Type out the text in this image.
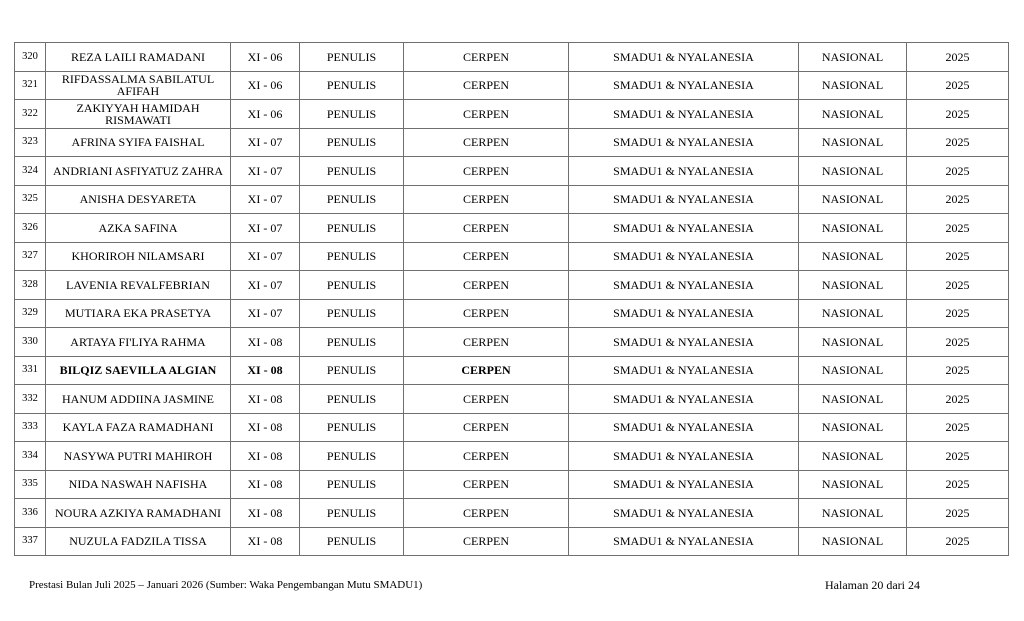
320	REZA LAILI RAMADANI	XI - 06	PENULIS	CERPEN	SMADU1 & NYALANESIA	NASIONAL	2025
321	RIFDASSALMA SABILATUL AFIFAH	XI - 06	PENULIS	CERPEN	SMADU1 & NYALANESIA	NASIONAL	2025
322	ZAKIYYAH HAMIDAH RISMAWATI	XI - 06	PENULIS	CERPEN	SMADU1 & NYALANESIA	NASIONAL	2025
323	AFRINA SYIFA FAISHAL	XI - 07	PENULIS	CERPEN	SMADU1 & NYALANESIA	NASIONAL	2025
324	ANDRIANI ASFIYATUZ ZAHRA	XI - 07	PENULIS	CERPEN	SMADU1 & NYALANESIA	NASIONAL	2025
325	ANISHA DESYARETA	XI - 07	PENULIS	CERPEN	SMADU1 & NYALANESIA	NASIONAL	2025
326	AZKA SAFINA	XI - 07	PENULIS	CERPEN	SMADU1 & NYALANESIA	NASIONAL	2025
327	KHORIROH NILAMSARI	XI - 07	PENULIS	CERPEN	SMADU1 & NYALANESIA	NASIONAL	2025
328	LAVENIA REVALFEBRIAN	XI - 07	PENULIS	CERPEN	SMADU1 & NYALANESIA	NASIONAL	2025
329	MUTIARA EKA PRASETYA	XI - 07	PENULIS	CERPEN	SMADU1 & NYALANESIA	NASIONAL	2025
330	ARTAYA FI'LIYA RAHMA	XI - 08	PENULIS	CERPEN	SMADU1 & NYALANESIA	NASIONAL	2025
331	BILQIZ SAEVILLA ALGIAN	XI - 08	PENULIS	CERPEN	SMADU1 & NYALANESIA	NASIONAL	2025
332	HANUM ADDIINA JASMINE	XI - 08	PENULIS	CERPEN	SMADU1 & NYALANESIA	NASIONAL	2025
333	KAYLA FAZA RAMADHANI	XI - 08	PENULIS	CERPEN	SMADU1 & NYALANESIA	NASIONAL	2025
334	NASYWA PUTRI MAHIROH	XI - 08	PENULIS	CERPEN	SMADU1 & NYALANESIA	NASIONAL	2025
335	NIDA NASWAH NAFISHA	XI - 08	PENULIS	CERPEN	SMADU1 & NYALANESIA	NASIONAL	2025
336	NOURA AZKIYA RAMADHANI	XI - 08	PENULIS	CERPEN	SMADU1 & NYALANESIA	NASIONAL	2025
337	NUZULA FADZILA TISSA	XI - 08	PENULIS	CERPEN	SMADU1 & NYALANESIA	NASIONAL	2025
Prestasi Bulan Juli 2025 – Januari 2026 (Sumber: Waka Pengembangan Mutu SMADU1)	Halaman 20 dari 24
